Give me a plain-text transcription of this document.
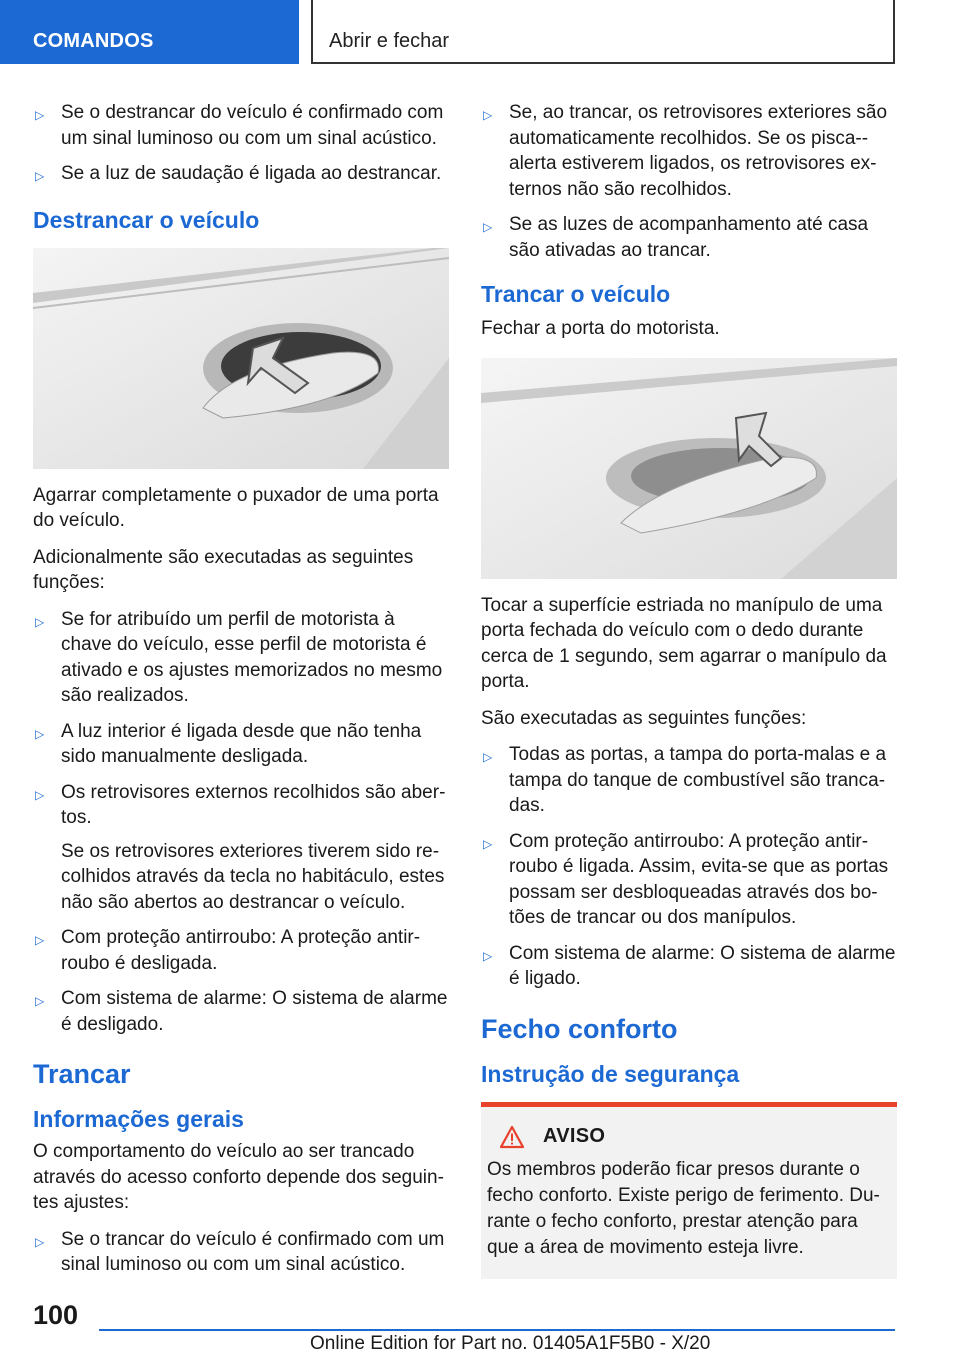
COMANDOS	Abrir e fechar
▷ Se o destrancar do veículo é confirmado com um sinal luminoso ou com um sinal acústico.
▷ Se a luz de saudação é ligada ao destrancar.
Destrancar o veículo

Agarrar completamente o puxador de uma porta do veículo.

Adicionalmente são executadas as seguintes funções:

▷ Se for atribuído um perfil de motorista à chave do veículo, esse perfil de motorista é ativado e os ajustes memorizados no mesmo são realizados.
▷ A luz interior é ligada desde que não tenha sido manualmente desligada.
▷ Os retrovisores externos recolhidos são abertos.
Se os retrovisores exteriores tiverem sido recolhidos através da tecla no habitáculo, estes não são abertos ao destrancar o veículo.
▷ Com proteção antirroubo: A proteção antirroubo é desligada.
▷ Com sistema de alarme: O sistema de alarme é desligado.
Trancar
Informações gerais

O comportamento do veículo ao ser trancado através do acesso conforto depende dos seguintes ajustes:

▷ Se o trancar do veículo é confirmado com um sinal luminoso ou com um sinal acústico.
▷ Se, ao trancar, os retrovisores exteriores são automaticamente recolhidos. Se os pisca-alerta estiverem ligados, os retrovisores externos não são recolhidos.
▷ Se as luzes de acompanhamento até casa são ativadas ao trancar.
Trancar o veículo

Fechar a porta do motorista.

Tocar a superfície estriada no manípulo de uma porta fechada do veículo com o dedo durante cerca de 1 segundo, sem agarrar o manípulo da porta.

São executadas as seguintes funções:

▷ Todas as portas, a tampa do porta-malas e a tampa do tanque de combustível são trancadas.
▷ Com proteção antirroubo: A proteção antirroubo é ligada. Assim, evita-se que as portas possam ser desbloqueadas através dos botões de trancar ou dos manípulos.
▷ Com sistema de alarme: O sistema de alarme é ligado.
Fecho conforto
Instrução de segurança
AVISO

Os membros poderão ficar presos durante o fecho conforto. Existe perigo de ferimento. Durante o fecho conforto, prestar atenção para que a área de movimento esteja livre.

100
Online Edition for Part no. 01405A1F5B0 - X/20
